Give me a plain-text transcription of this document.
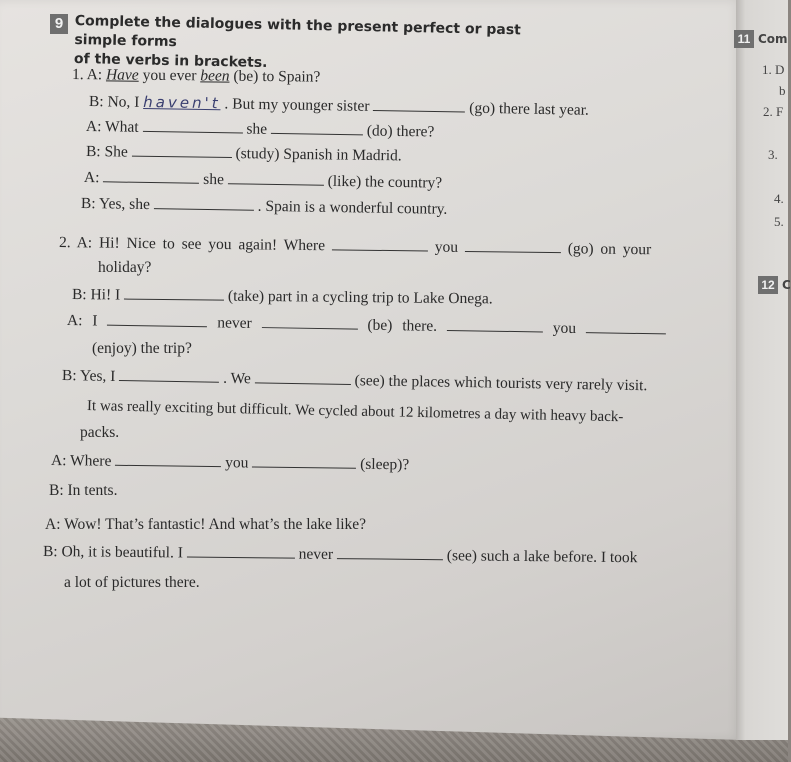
9 Complete the dialogues with the present perfect or past simple forms
of the verbs in brackets.
1. A: Have you ever been (be) to Spain?
B: No, I haven't . But my younger sister	(go) there last year.
A: What	she	(do) there?
B: She	(study) Spanish in Madrid.
A:	she	(like) the country?
B: Yes, she	. Spain is a wonderful country.
2. A: Hi! Nice to see you again! Where	you	(go) on your
holiday?
B: Hi! I	(take) part in a cycling trip to Lake Onega.
A: I	never	(be) there.	you
(enjoy) the trip?
B: Yes, I	. We	(see) the places which tourists very rarely visit.
It was really exciting but difficult. We cycled about 12 kilometres a day with heavy back-
packs.
A: Where	you	(sleep)?
B: In tents.
A: Wow! That’s fantastic! And what’s the lake like?
B: Oh, it is beautiful. I	never	(see) such a lake before. I took
a lot of pictures there.
11 Com
1. D
b
2. F
3.
4.
5.
12 C
